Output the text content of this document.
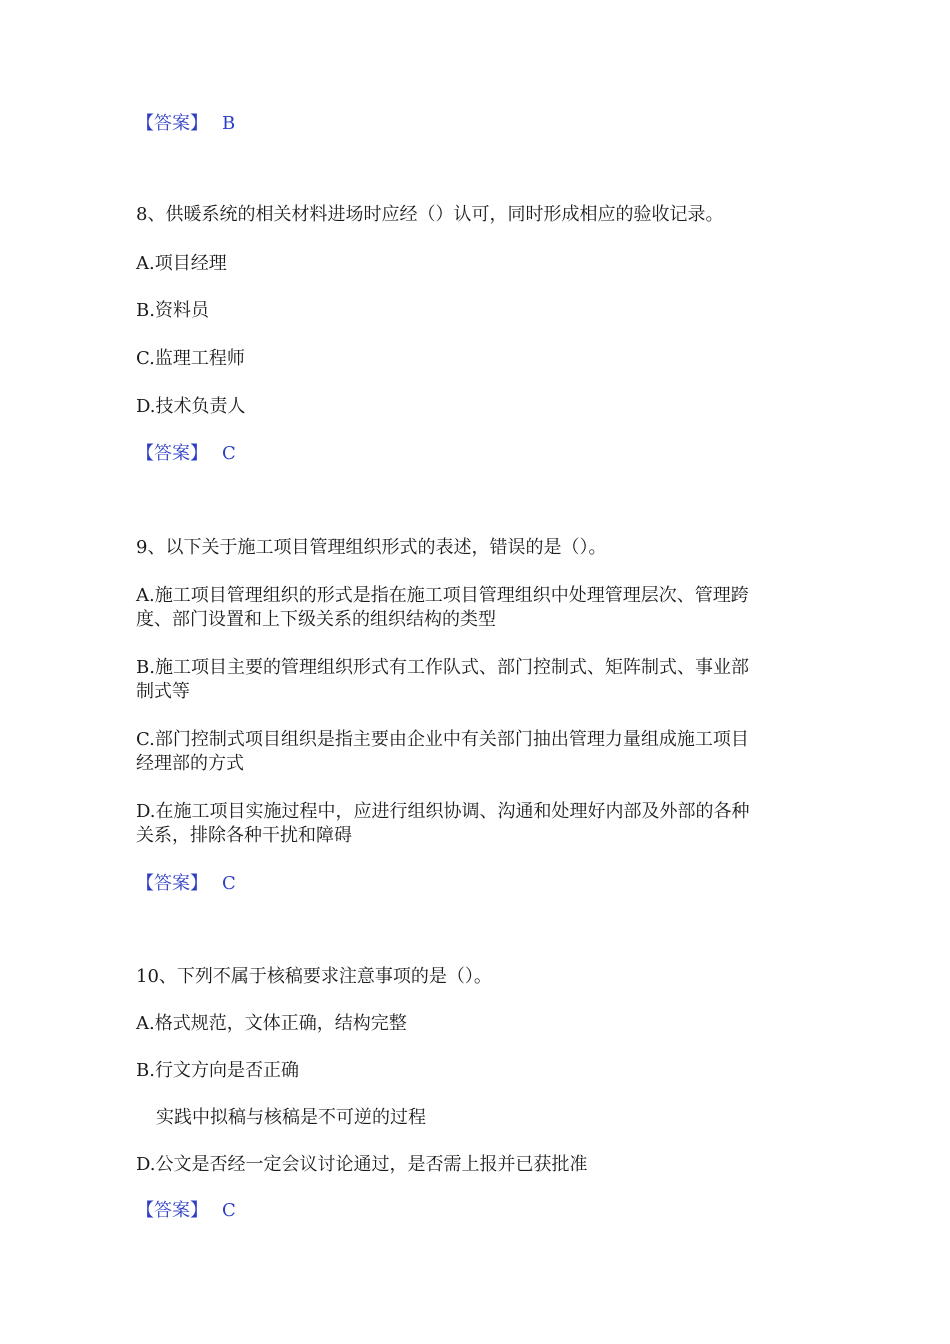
【答案】 B
8、供暖系统的相关材料进场时应经（）认可，同时形成相应的验收记录。
A.项目经理
B.资料员
C.监理工程师
D.技术负责人
【答案】 C
9、以下关于施工项目管理组织形式的表述，错误的是（）。
A.施工项目管理组织的形式是指在施工项目管理组织中处理管理层次、管理跨
度、部门设置和上下级关系的组织结构的类型
B.施工项目主要的管理组织形式有工作队式、部门控制式、矩阵制式、事业部
制式等
C.部门控制式项目组织是指主要由企业中有关部门抽出管理力量组成施工项目
经理部的方式
D.在施工项目实施过程中，应进行组织协调、沟通和处理好内部及外部的各种
关系，排除各种干扰和障碍
【答案】 C
10、下列不属于核稿要求注意事项的是（）。
A.格式规范，文体正确，结构完整
B.行文方向是否正确
实践中拟稿与核稿是不可逆的过程
D.公文是否经一定会议讨论通过，是否需上报并已获批准
【答案】 C
